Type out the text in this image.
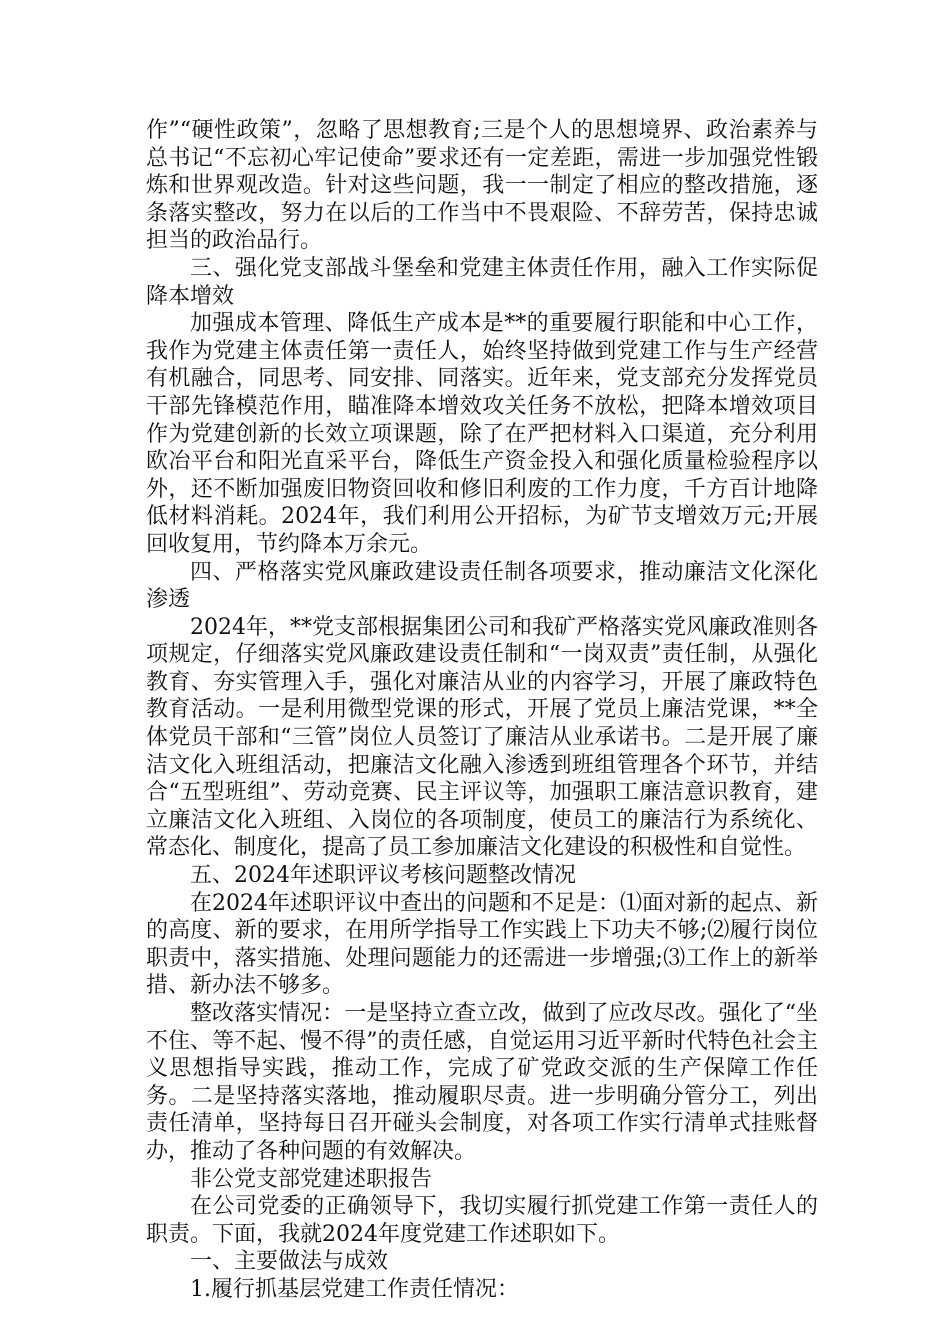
作”“硬性政策”，忽略了思想教育;三是个人的思想境界、政治素养与总书记“不忘初心牢记使命”要求还有一定差距，需进一步加强党性锻炼和世界观改造。针对这些问题，我一一制定了相应的整改措施，逐条落实整改，努力在以后的工作当中不畏艰险、不辞劳苦，保持忠诚担当的政治品行。

三、强化党支部战斗堡垒和党建主体责任作用，融入工作实际促降本增效

加强成本管理、降低生产成本是**的重要履行职能和中心工作，我作为党建主体责任第一责任人，始终坚持做到党建工作与生产经营有机融合，同思考、同安排、同落实。近年来，党支部充分发挥党员干部先锋模范作用，瞄准降本增效攻关任务不放松，把降本增效项目作为党建创新的长效立项课题，除了在严把材料入口渠道，充分利用欧冶平台和阳光直采平台，降低生产资金投入和强化质量检验程序以外，还不断加强废旧物资回收和修旧利废的工作力度，千方百计地降低材料消耗。2024年，我们利用公开招标，为矿节支增效万元;开展回收复用，节约降本万余元。

四、严格落实党风廉政建设责任制各项要求，推动廉洁文化深化渗透

2024年，**党支部根据集团公司和我矿严格落实党风廉政准则各项规定，仔细落实党风廉政建设责任制和“一岗双责”责任制，从强化教育、夯实管理入手，强化对廉洁从业的内容学习，开展了廉政特色教育活动。一是利用微型党课的形式，开展了党员上廉洁党课，**全体党员干部和“三管”岗位人员签订了廉洁从业承诺书。二是开展了廉洁文化入班组活动，把廉洁文化融入渗透到班组管理各个环节，并结合“五型班组”、劳动竞赛、民主评议等，加强职工廉洁意识教育，建立廉洁文化入班组、入岗位的各项制度，使员工的廉洁行为系统化、常态化、制度化，提高了员工参加廉洁文化建设的积极性和自觉性。

五、2024年述职评议考核问题整改情况

在2024年述职评议中查出的问题和不足是：⑴面对新的起点、新的高度、新的要求，在用所学指导工作实践上下功夫不够;⑵履行岗位职责中，落实措施、处理问题能力的还需进一步增强;⑶工作上的新举措、新办法不够多。

整改落实情况：一是坚持立查立改，做到了应改尽改。强化了“坐不住、等不起、慢不得”的责任感，自觉运用习近平新时代特色社会主义思想指导实践，推动工作，完成了矿党政交派的生产保障工作任务。二是坚持落实落地，推动履职尽责。进一步明确分管分工，列出责任清单，坚持每日召开碰头会制度，对各项工作实行清单式挂账督办，推动了各种问题的有效解决。

非公党支部党建述职报告

在公司党委的正确领导下，我切实履行抓党建工作第一责任人的职责。下面，我就2024年度党建工作述职如下。

一、主要做法与成效

1.履行抓基层党建工作责任情况：
